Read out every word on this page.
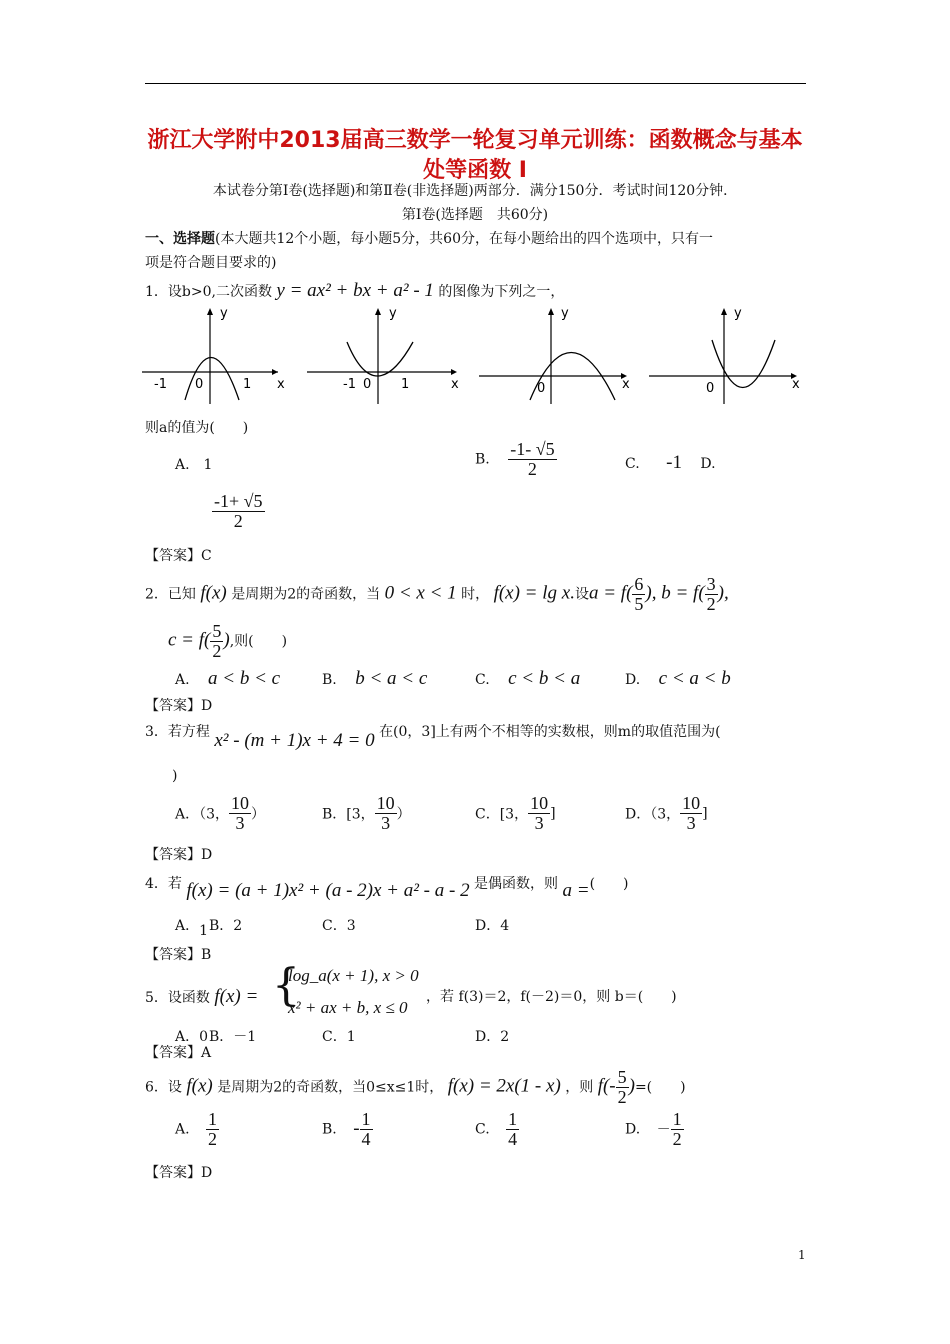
浙江大学附中2013届高三数学一轮复习单元训练：函数概念与基本
处等函数 I
本试卷分第Ⅰ卷(选择题)和第Ⅱ卷(非选择题)两部分．满分150分．考试时间120分钟．
第Ⅰ卷(选择题　共60分)
一、选择题(本大题共12个小题，每小题5分，共60分，在每小题给出的四个选项中，只有一
项是符合题目要求的)
1．设b>0,二次函数 y = ax² + bx + a² - 1 的图像为下列之一，
-1 0	1 x
y
-1 0 1	x
y
0	x
y
0	x
y
则a的值为(　　)
A.　1	B. $\frac{-1- √5}{2}$	C. -1 D.
$\frac{-1+ √5}{2}$
【答案】C
2．已知 f(x) 是周期为2的奇函数，当 0 < x < 1 时， f(x) = lg x.设$a = f( \frac{6}{5}$ ), $b = f( \frac{3}{2}$ ),
$c = f( \frac{5}{2}$ ),则(　　)
A. a < b < c	B. b < a < c	C. c < b < a	D. c < a < b
【答案】D
3．若方程 x² - (m + 1)x + 4 = 0 在(0，3]上有两个不相等的实数根，则m的取值范围为(
)
A．（3， $\frac{10}{3}$ ）	B．[3， $\frac{10}{3}$ ）	C．[3， $\frac{10}{3}$ ]	D．（3， $\frac{10}{3}$ ]
【答案】D
4．若 f(x) = (a + 1)x² + (a - 2)x + a² - a - 2 是偶函数，则 a =(　　)
A．1 B．2	C．3	D．4
【答案】B
5．设函数 f(x) = {
log_a(x + 1), x > 0
x² + ax + b, x ≤ 0
，若 f(3)＝2，f(－2)＝0，则 b＝(　　)
A．0 B．－1	C．1	D．2
【答案】A
6．设 f(x) 是周期为2的奇函数，当0≤x≤1时， f(x) = 2x(1 - x) ，则 $f(- \frac{5}{2}$ )=(　　)
A. $\frac{1}{2}$	B. - $\frac{1}{4}$	C. $\frac{1}{4}$	D. － $\frac{1}{2}$
【答案】D
1
